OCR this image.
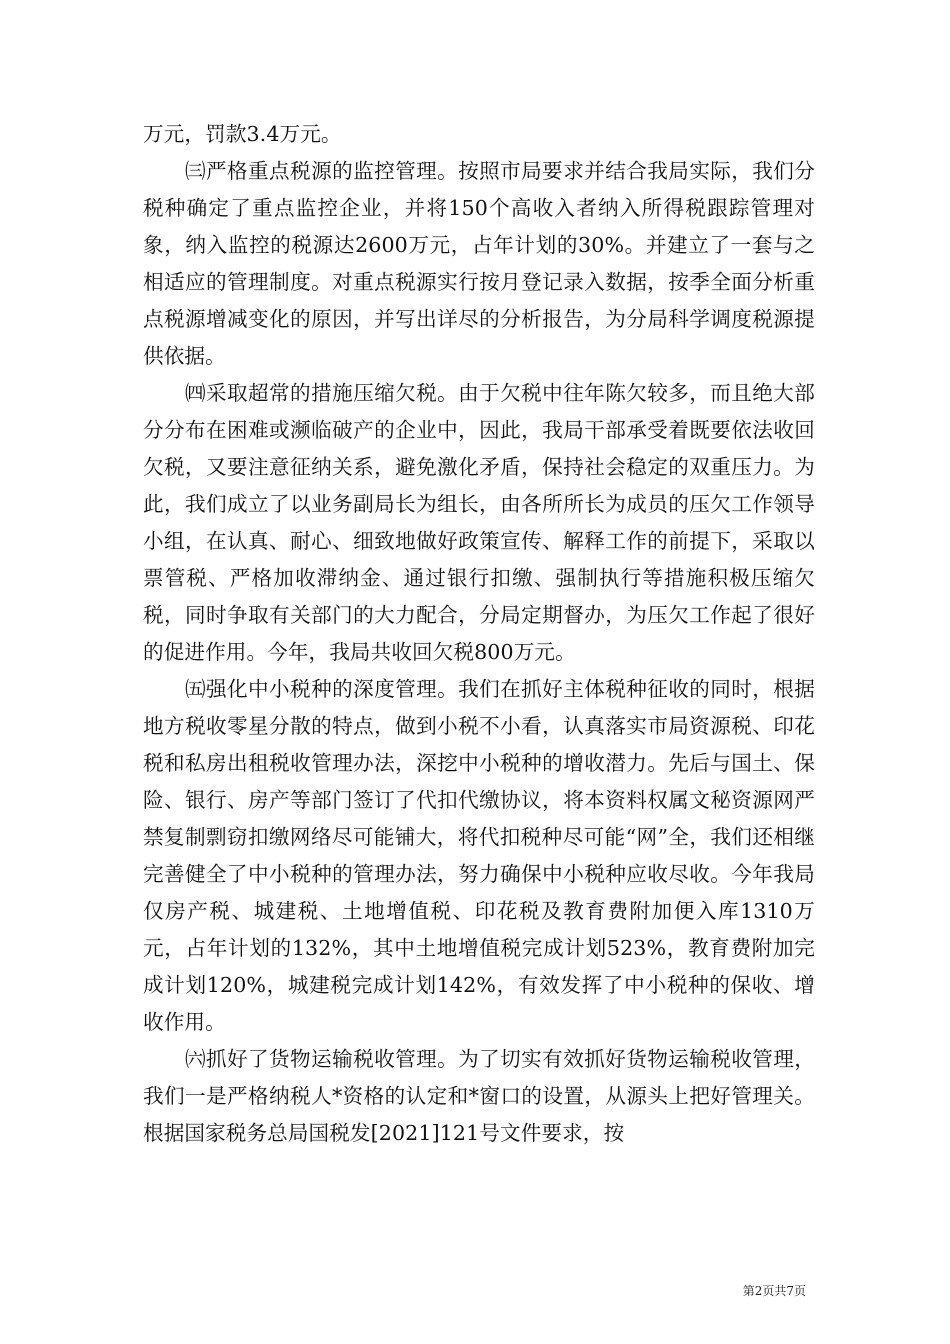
万元，罚款3.4万元。

㈢严格重点税源的监控管理。按照市局要求并结合我局实际，我们分税种确定了重点监控企业，并将150个高收入者纳入所得税跟踪管理对象，纳入监控的税源达2600万元，占年计划的30%。并建立了一套与之相适应的管理制度。对重点税源实行按月登记录入数据，按季全面分析重点税源增减变化的原因，并写出详尽的分析报告，为分局科学调度税源提供依据。

㈣采取超常的措施压缩欠税。由于欠税中往年陈欠较多，而且绝大部分分布在困难或濒临破产的企业中，因此，我局干部承受着既要依法收回欠税，又要注意征纳关系，避免激化矛盾，保持社会稳定的双重压力。为此，我们成立了以业务副局长为组长，由各所所长为成员的压欠工作领导小组，在认真、耐心、细致地做好政策宣传、解释工作的前提下，采取以票管税、严格加收滞纳金、通过银行扣缴、强制执行等措施积极压缩欠税，同时争取有关部门的大力配合，分局定期督办，为压欠工作起了很好的促进作用。今年，我局共收回欠税800万元。

㈤强化中小税种的深度管理。我们在抓好主体税种征收的同时，根据地方税收零星分散的特点，做到小税不小看，认真落实市局资源税、印花税和私房出租税收管理办法，深挖中小税种的增收潜力。先后与国土、保险、银行、房产等部门签订了代扣代缴协议，将本资料权属文秘资源网严禁复制剽窃扣缴网络尽可能铺大，将代扣税种尽可能“网”全，我们还相继完善健全了中小税种的管理办法，努力确保中小税种应收尽收。今年我局仅房产税、城建税、土地增值税、印花税及教育费附加便入库1310万元，占年计划的132%，其中土地增值税完成计划523%，教育费附加完成计划120%，城建税完成计划142%，有效发挥了中小税种的保收、增收作用。

㈥抓好了货物运输税收管理。为了切实有效抓好货物运输税收管理，我们一是严格纳税人*资格的认定和*窗口的设置，从源头上把好管理关。根据国家税务总局国税发[2021]121号文件要求，按

第2页共7页
